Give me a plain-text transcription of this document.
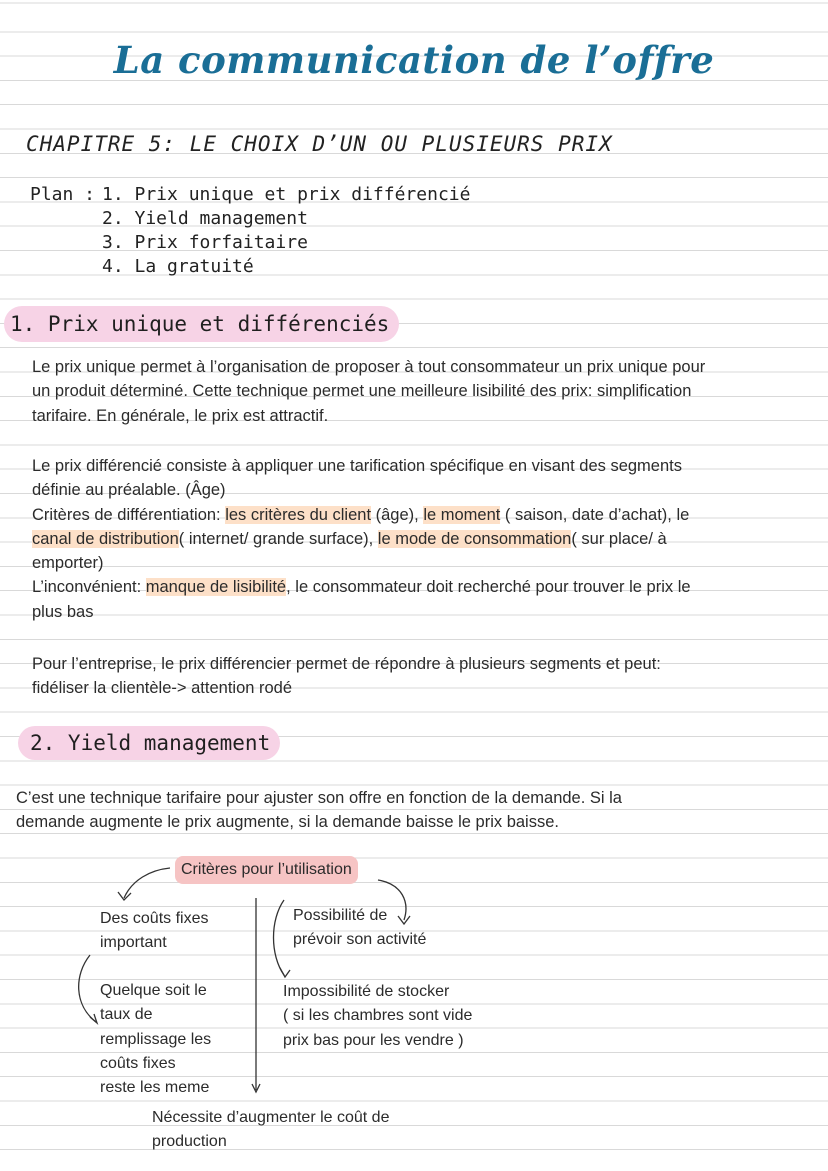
La communication de l’offre
CHAPITRE 5: LE CHOIX D’UN OU PLUSIEURS PRIX
Plan : 1. Prix unique et prix différencié
2. Yield management
3. Prix forfaitaire
4. La gratuité
1. Prix unique et différenciés
Le prix unique permet à l’organisation de proposer à tout consommateur un prix unique pour
un produit déterminé. Cette technique permet une meilleure lisibilité des prix: simplification
tarifaire. En générale, le prix est attractif.
Le prix différencié consiste à appliquer une tarification spécifique en visant des segments
définie au préalable. (Âge)
Critères de différentiation: les critères du client (âge), le moment ( saison, date d’achat), le
canal de distribution( internet/ grande surface), le mode de consommation( sur place/ à
emporter)
L’inconvénient: manque de lisibilité, le consommateur doit recherché pour trouver le prix le
plus bas
Pour l’entreprise, le prix différencier permet de répondre à plusieurs segments et peut:
fidéliser la clientèle-> attention rodé
2. Yield management
C’est une technique tarifaire pour ajuster son offre en fonction de la demande. Si la
demande augmente le prix augmente, si la demande baisse le prix baisse.
Critères pour l’utilisation
Des coûts fixes
important
Quelque soit le
taux de
remplissage les
coûts fixes
reste les meme
Possibilité de
prévoir son activité
Impossibilité de stocker
( si les chambres sont vide
prix bas pour les vendre )
Nécessite d’augmenter le coût de
production
